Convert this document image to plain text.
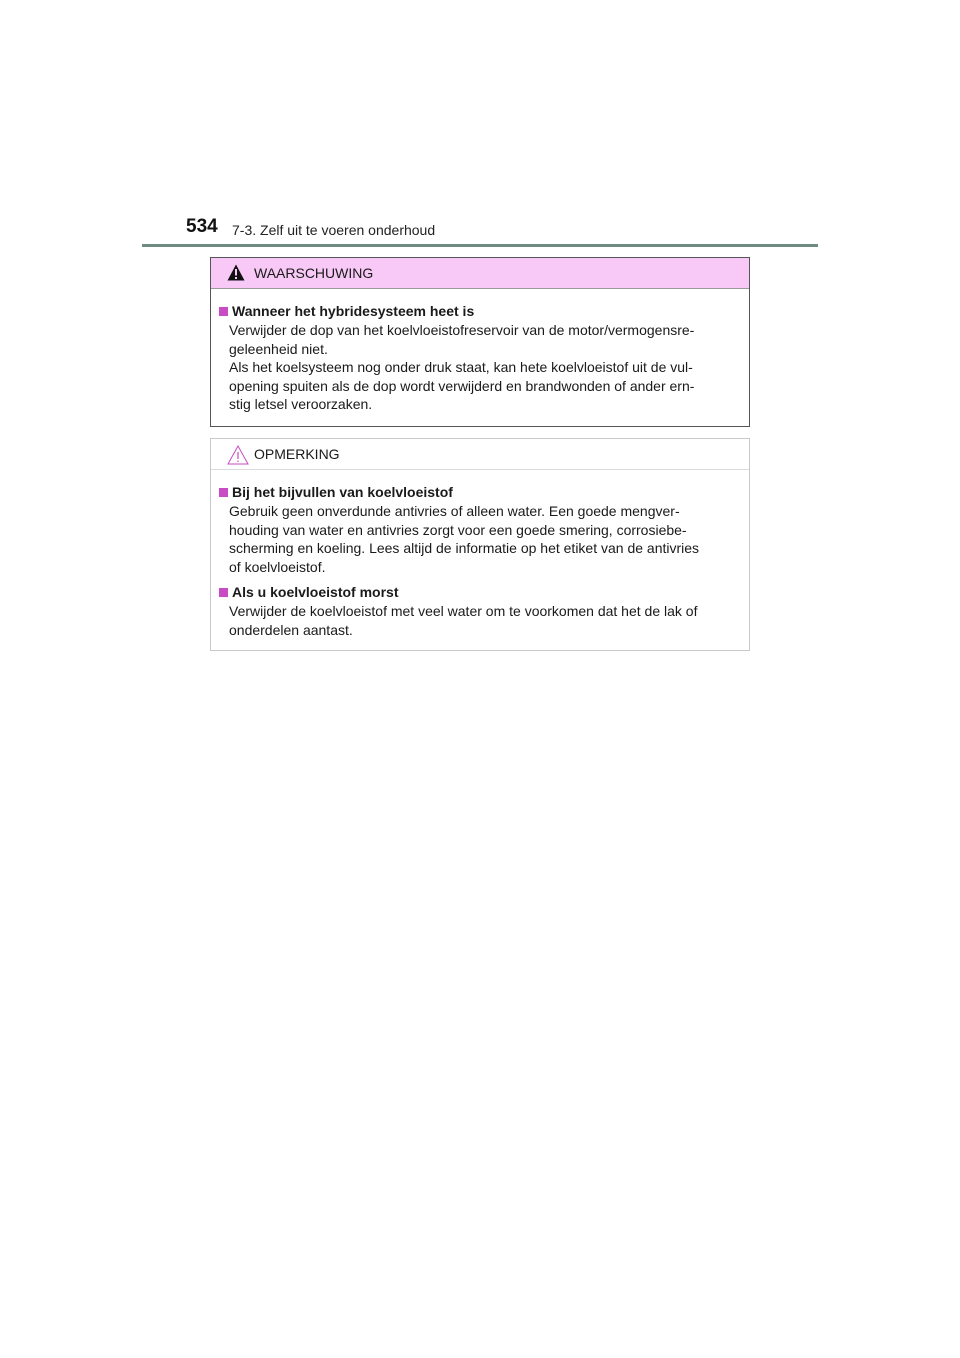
534 7-3. Zelf uit te voeren onderhoud
WAARSCHUWING
Wanneer het hybridesysteem heet is
Verwijder de dop van het koelvloeistofreservoir van de motor/vermogensre-
geleenheid niet.
Als het koelsysteem nog onder druk staat, kan hete koelvloeistof uit de vul-
opening spuiten als de dop wordt verwijderd en brandwonden of ander ern-
stig letsel veroorzaken.
OPMERKING
Bij het bijvullen van koelvloeistof
Gebruik geen onverdunde antivries of alleen water. Een goede mengver-
houding van water en antivries zorgt voor een goede smering, corrosiebe-
scherming en koeling. Lees altijd de informatie op het etiket van de antivries
of koelvloeistof.
Als u koelvloeistof morst
Verwijder de koelvloeistof met veel water om te voorkomen dat het de lak of
onderdelen aantast.
